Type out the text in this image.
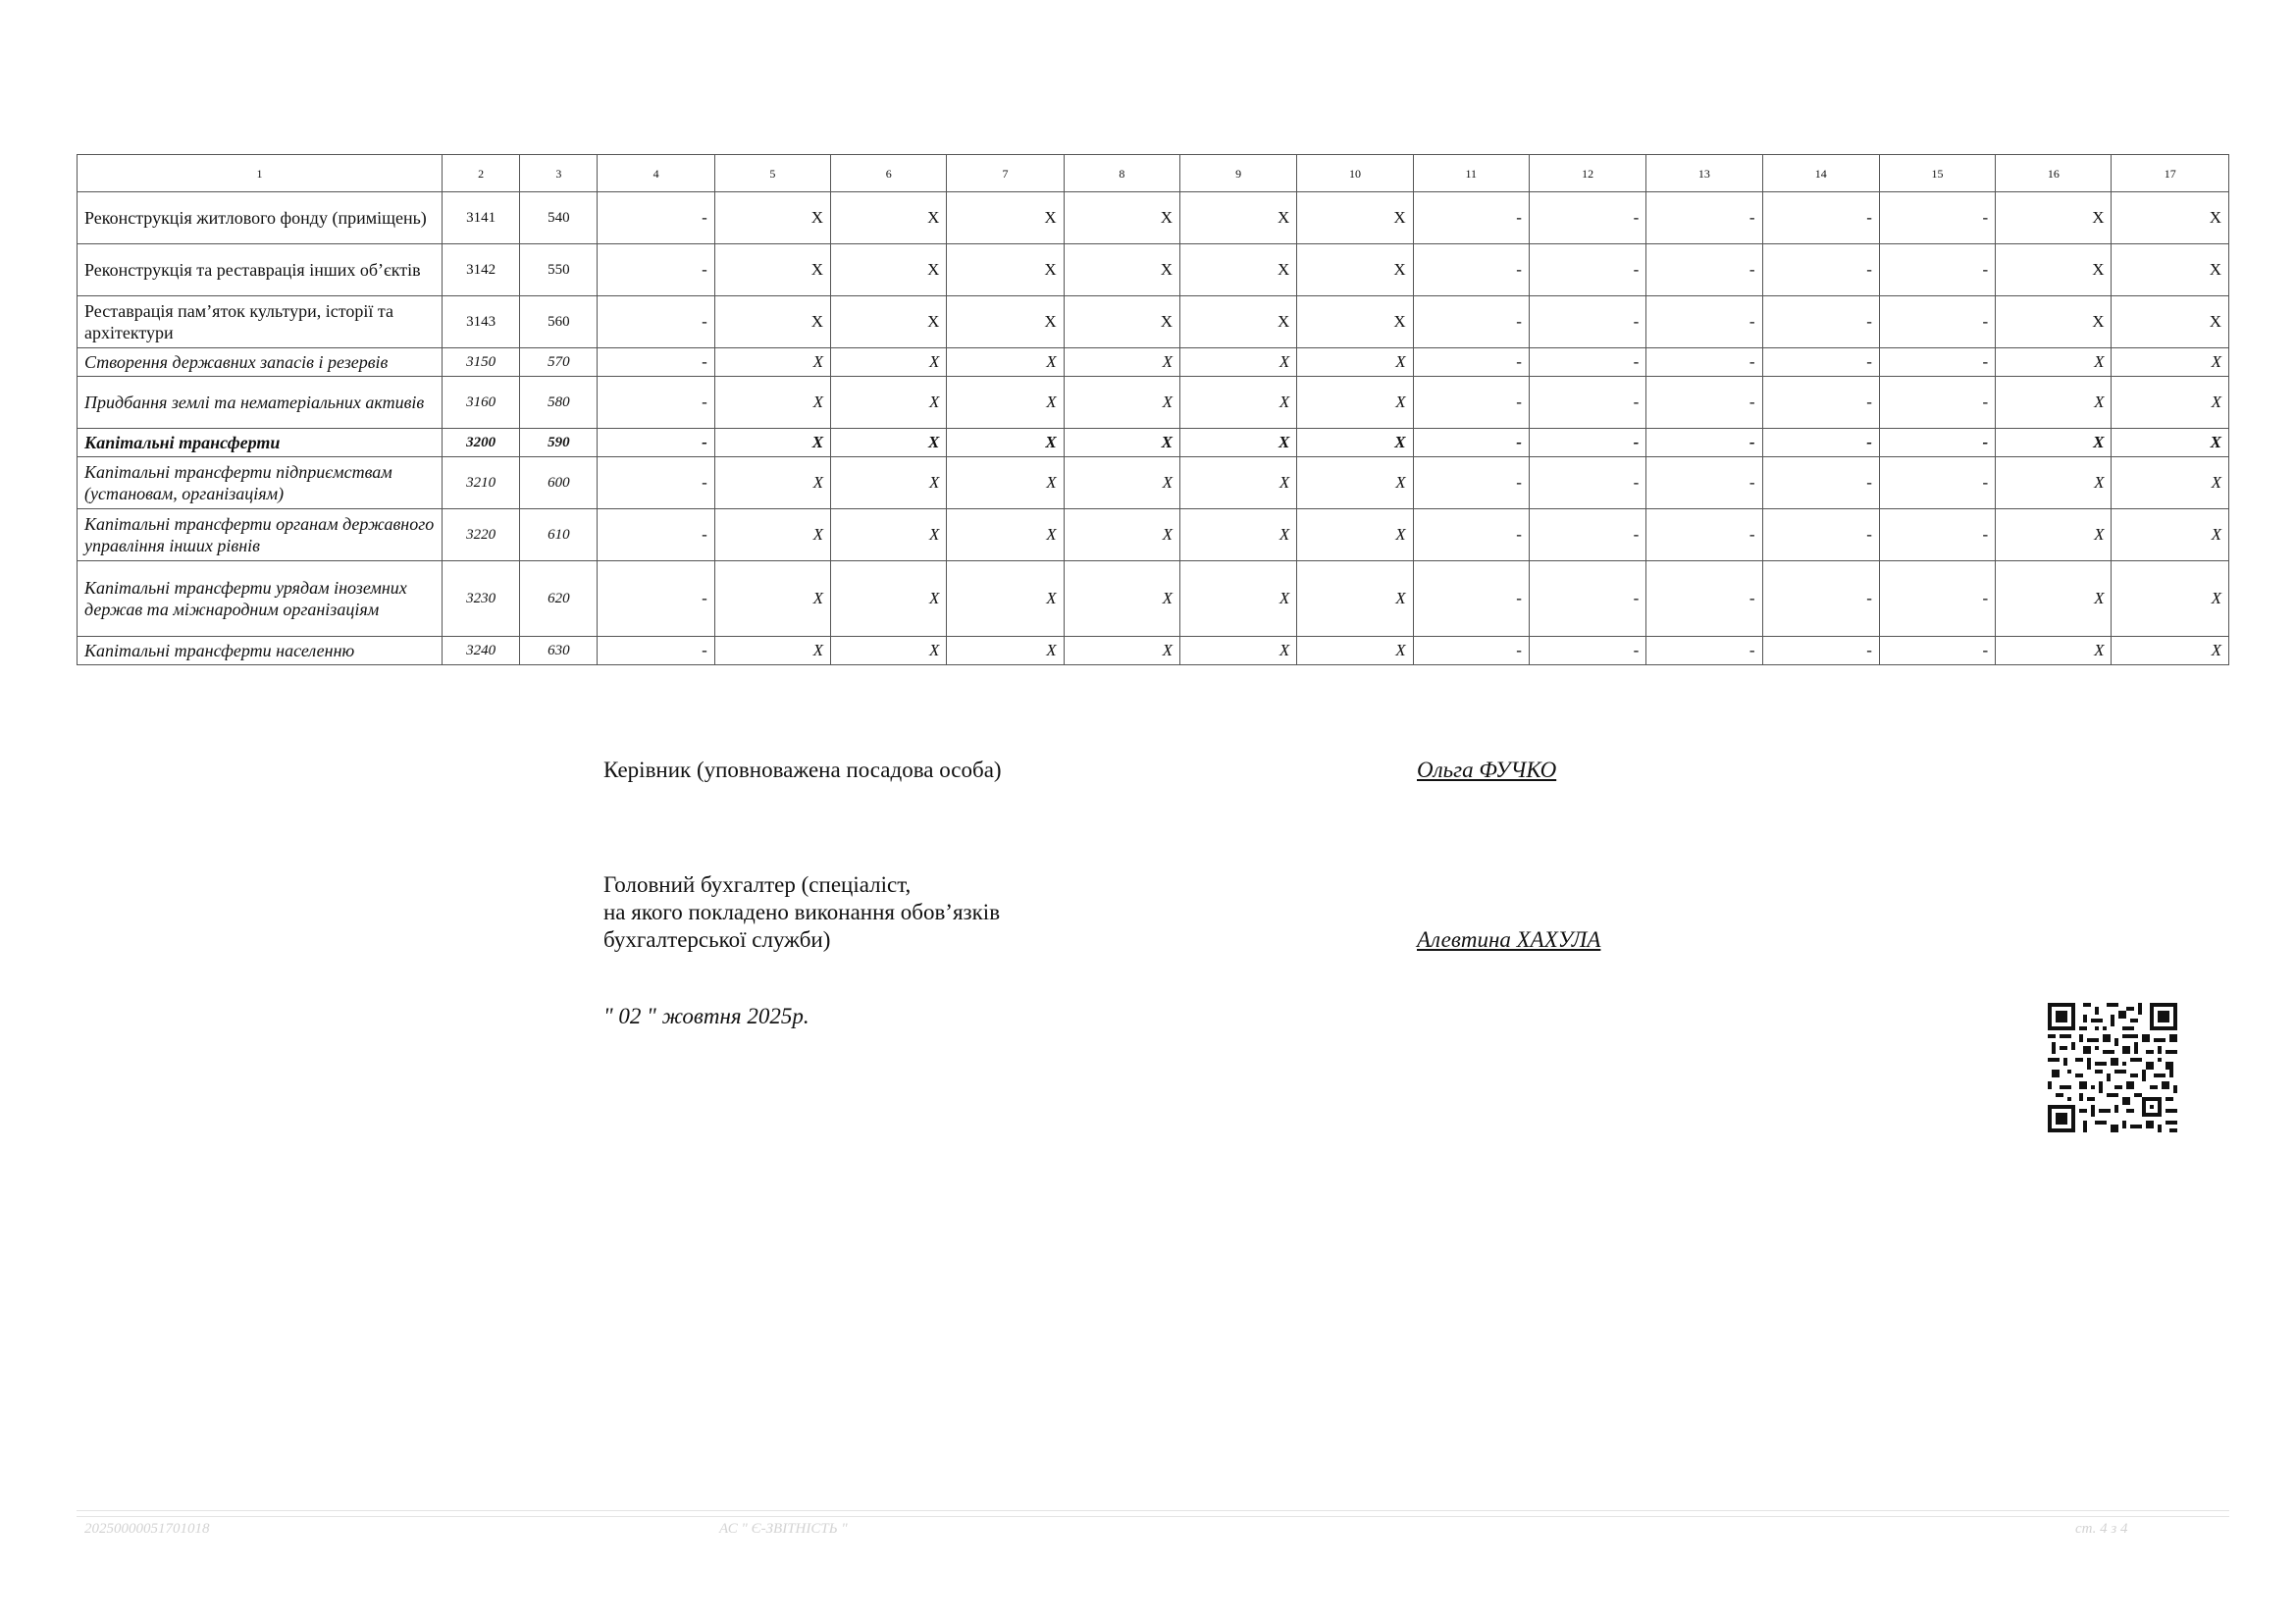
1	2	3	4	5	6	7	8	9	10	11	12	13	14	15	16	17
Реконструкція житлового фонду (приміщень)	3141	540	-	X	X	X	X	X	X	-	-	-	-	-	X	X
Реконструкція та реставрація інших об’єктів	3142	550	-	X	X	X	X	X	X	-	-	-	-	-	X	X
Реставрація пам’яток культури, історії та архітектури	3143	560	-	X	X	X	X	X	X	-	-	-	-	-	X	X
Створення державних запасів і резервів	3150	570	-	X	X	X	X	X	X	-	-	-	-	-	X	X
Придбання землі та нематеріальних активів	3160	580	-	X	X	X	X	X	X	-	-	-	-	-	X	X
Капітальні трансферти	3200	590	-	X	X	X	X	X	X	-	-	-	-	-	X	X
Капітальні трансферти підприємствам (установам, організаціям)	3210	600	-	X	X	X	X	X	X	-	-	-	-	-	X	X
Капітальні трансферти органам державного управління інших рівнів	3220	610	-	X	X	X	X	X	X	-	-	-	-	-	X	X
Капітальні трансферти урядам іноземних держав та міжнародним організаціям	3230	620	-	X	X	X	X	X	X	-	-	-	-	-	X	X
Капітальні трансферти населенню	3240	630	-	X	X	X	X	X	X	-	-	-	-	-	X	X
Керівник (уповноважена посадова особа)	Ольга ФУЧКО
Головний бухгалтер (спеціаліст,
на якого покладено виконання обов’язків
бухгалтерської служби)	Алевтина ХАХУЛА
" 02 " жовтня 2025р.
20250000051701018	АС " Є-ЗВІТНІСТЬ "	ст. 4 з 4
